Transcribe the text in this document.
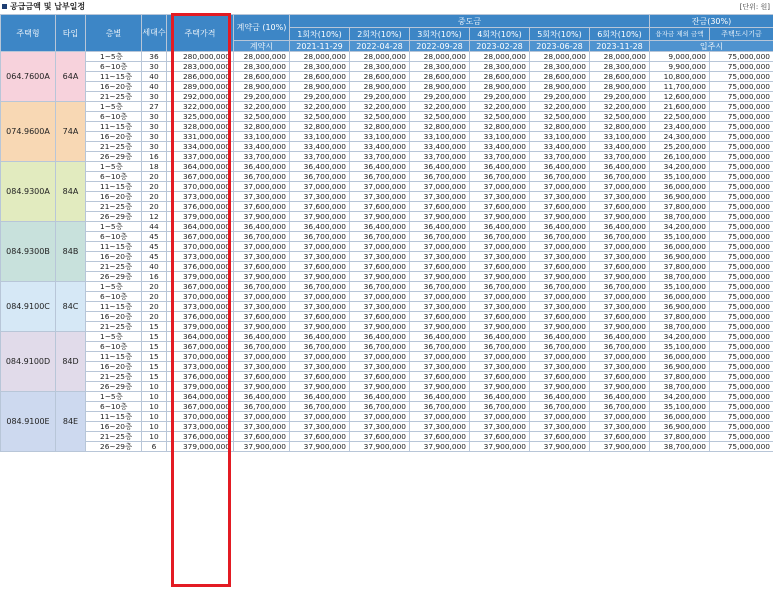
공급금액 및 납부일정	[단위: 원]
주택형	타입	층별	세대수	주택가격	계약금 (10%)	중도금						잔금(30%)	
						1회차(10%)	2회차(10%)	3회차(10%)	4회차(10%)	5회차(10%)	6회차(10%)	융자금 제외 금액	주택도시기금
					계약시	2021-11-29	2022-04-28	2022-09-28	2023-02-28	2023-06-28	2023-11-28	입주시	
064.7600A	64A	1~5층	36	280,000,000	28,000,000	28,000,000	28,000,000	28,000,000	28,000,000	28,000,000	28,000,000	9,000,000	75,000,000
		6~10층	30	283,000,000	28,300,000	28,300,000	28,300,000	28,300,000	28,300,000	28,300,000	28,300,000	9,900,000	75,000,000
		11~15층	40	286,000,000	28,600,000	28,600,000	28,600,000	28,600,000	28,600,000	28,600,000	28,600,000	10,800,000	75,000,000
		16~20층	40	289,000,000	28,900,000	28,900,000	28,900,000	28,900,000	28,900,000	28,900,000	28,900,000	11,700,000	75,000,000
		21~25층	30	292,000,000	29,200,000	29,200,000	29,200,000	29,200,000	29,200,000	29,200,000	29,200,000	12,600,000	75,000,000
074.9600A	74A	1~5층	27	322,000,000	32,200,000	32,200,000	32,200,000	32,200,000	32,200,000	32,200,000	32,200,000	21,600,000	75,000,000
		6~10층	30	325,000,000	32,500,000	32,500,000	32,500,000	32,500,000	32,500,000	32,500,000	32,500,000	22,500,000	75,000,000
		11~15층	30	328,000,000	32,800,000	32,800,000	32,800,000	32,800,000	32,800,000	32,800,000	32,800,000	23,400,000	75,000,000
		16~20층	30	331,000,000	33,100,000	33,100,000	33,100,000	33,100,000	33,100,000	33,100,000	33,100,000	24,300,000	75,000,000
		21~25층	30	334,000,000	33,400,000	33,400,000	33,400,000	33,400,000	33,400,000	33,400,000	33,400,000	25,200,000	75,000,000
		26~29층	16	337,000,000	33,700,000	33,700,000	33,700,000	33,700,000	33,700,000	33,700,000	33,700,000	26,100,000	75,000,000
084.9300A	84A	1~5층	18	364,000,000	36,400,000	36,400,000	36,400,000	36,400,000	36,400,000	36,400,000	36,400,000	34,200,000	75,000,000
		6~10층	20	367,000,000	36,700,000	36,700,000	36,700,000	36,700,000	36,700,000	36,700,000	36,700,000	35,100,000	75,000,000
		11~15층	20	370,000,000	37,000,000	37,000,000	37,000,000	37,000,000	37,000,000	37,000,000	37,000,000	36,000,000	75,000,000
		16~20층	20	373,000,000	37,300,000	37,300,000	37,300,000	37,300,000	37,300,000	37,300,000	37,300,000	36,900,000	75,000,000
		21~25층	20	376,000,000	37,600,000	37,600,000	37,600,000	37,600,000	37,600,000	37,600,000	37,600,000	37,800,000	75,000,000
		26~29층	12	379,000,000	37,900,000	37,900,000	37,900,000	37,900,000	37,900,000	37,900,000	37,900,000	38,700,000	75,000,000
084.9300B	84B	1~5층	44	364,000,000	36,400,000	36,400,000	36,400,000	36,400,000	36,400,000	36,400,000	36,400,000	34,200,000	75,000,000
		6~10층	45	367,000,000	36,700,000	36,700,000	36,700,000	36,700,000	36,700,000	36,700,000	36,700,000	35,100,000	75,000,000
		11~15층	45	370,000,000	37,000,000	37,000,000	37,000,000	37,000,000	37,000,000	37,000,000	37,000,000	36,000,000	75,000,000
		16~20층	45	373,000,000	37,300,000	37,300,000	37,300,000	37,300,000	37,300,000	37,300,000	37,300,000	36,900,000	75,000,000
		21~25층	40	376,000,000	37,600,000	37,600,000	37,600,000	37,600,000	37,600,000	37,600,000	37,600,000	37,800,000	75,000,000
		26~29층	16	379,000,000	37,900,000	37,900,000	37,900,000	37,900,000	37,900,000	37,900,000	37,900,000	38,700,000	75,000,000
084.9100C	84C	1~5층	20	367,000,000	36,700,000	36,700,000	36,700,000	36,700,000	36,700,000	36,700,000	36,700,000	35,100,000	75,000,000
		6~10층	20	370,000,000	37,000,000	37,000,000	37,000,000	37,000,000	37,000,000	37,000,000	37,000,000	36,000,000	75,000,000
		11~15층	20	373,000,000	37,300,000	37,300,000	37,300,000	37,300,000	37,300,000	37,300,000	37,300,000	36,900,000	75,000,000
		16~20층	20	376,000,000	37,600,000	37,600,000	37,600,000	37,600,000	37,600,000	37,600,000	37,600,000	37,800,000	75,000,000
		21~25층	15	379,000,000	37,900,000	37,900,000	37,900,000	37,900,000	37,900,000	37,900,000	37,900,000	38,700,000	75,000,000
084.9100D	84D	1~5층	15	364,000,000	36,400,000	36,400,000	36,400,000	36,400,000	36,400,000	36,400,000	36,400,000	34,200,000	75,000,000
		6~10층	15	367,000,000	36,700,000	36,700,000	36,700,000	36,700,000	36,700,000	36,700,000	36,700,000	35,100,000	75,000,000
		11~15층	15	370,000,000	37,000,000	37,000,000	37,000,000	37,000,000	37,000,000	37,000,000	37,000,000	36,000,000	75,000,000
		16~20층	15	373,000,000	37,300,000	37,300,000	37,300,000	37,300,000	37,300,000	37,300,000	37,300,000	36,900,000	75,000,000
		21~25층	15	376,000,000	37,600,000	37,600,000	37,600,000	37,600,000	37,600,000	37,600,000	37,600,000	37,800,000	75,000,000
		26~29층	10	379,000,000	37,900,000	37,900,000	37,900,000	37,900,000	37,900,000	37,900,000	37,900,000	38,700,000	75,000,000
084.9100E	84E	1~5층	10	364,000,000	36,400,000	36,400,000	36,400,000	36,400,000	36,400,000	36,400,000	36,400,000	34,200,000	75,000,000
		6~10층	10	367,000,000	36,700,000	36,700,000	36,700,000	36,700,000	36,700,000	36,700,000	36,700,000	35,100,000	75,000,000
		11~15층	10	370,000,000	37,000,000	37,000,000	37,000,000	37,000,000	37,000,000	37,000,000	37,000,000	36,000,000	75,000,000
		16~20층	10	373,000,000	37,300,000	37,300,000	37,300,000	37,300,000	37,300,000	37,300,000	37,300,000	36,900,000	75,000,000
		21~25층	10	376,000,000	37,600,000	37,600,000	37,600,000	37,600,000	37,600,000	37,600,000	37,600,000	37,800,000	75,000,000
		26~29층	6	379,000,000	37,900,000	37,900,000	37,900,000	37,900,000	37,900,000	37,900,000	37,900,000	38,700,000	75,000,000
